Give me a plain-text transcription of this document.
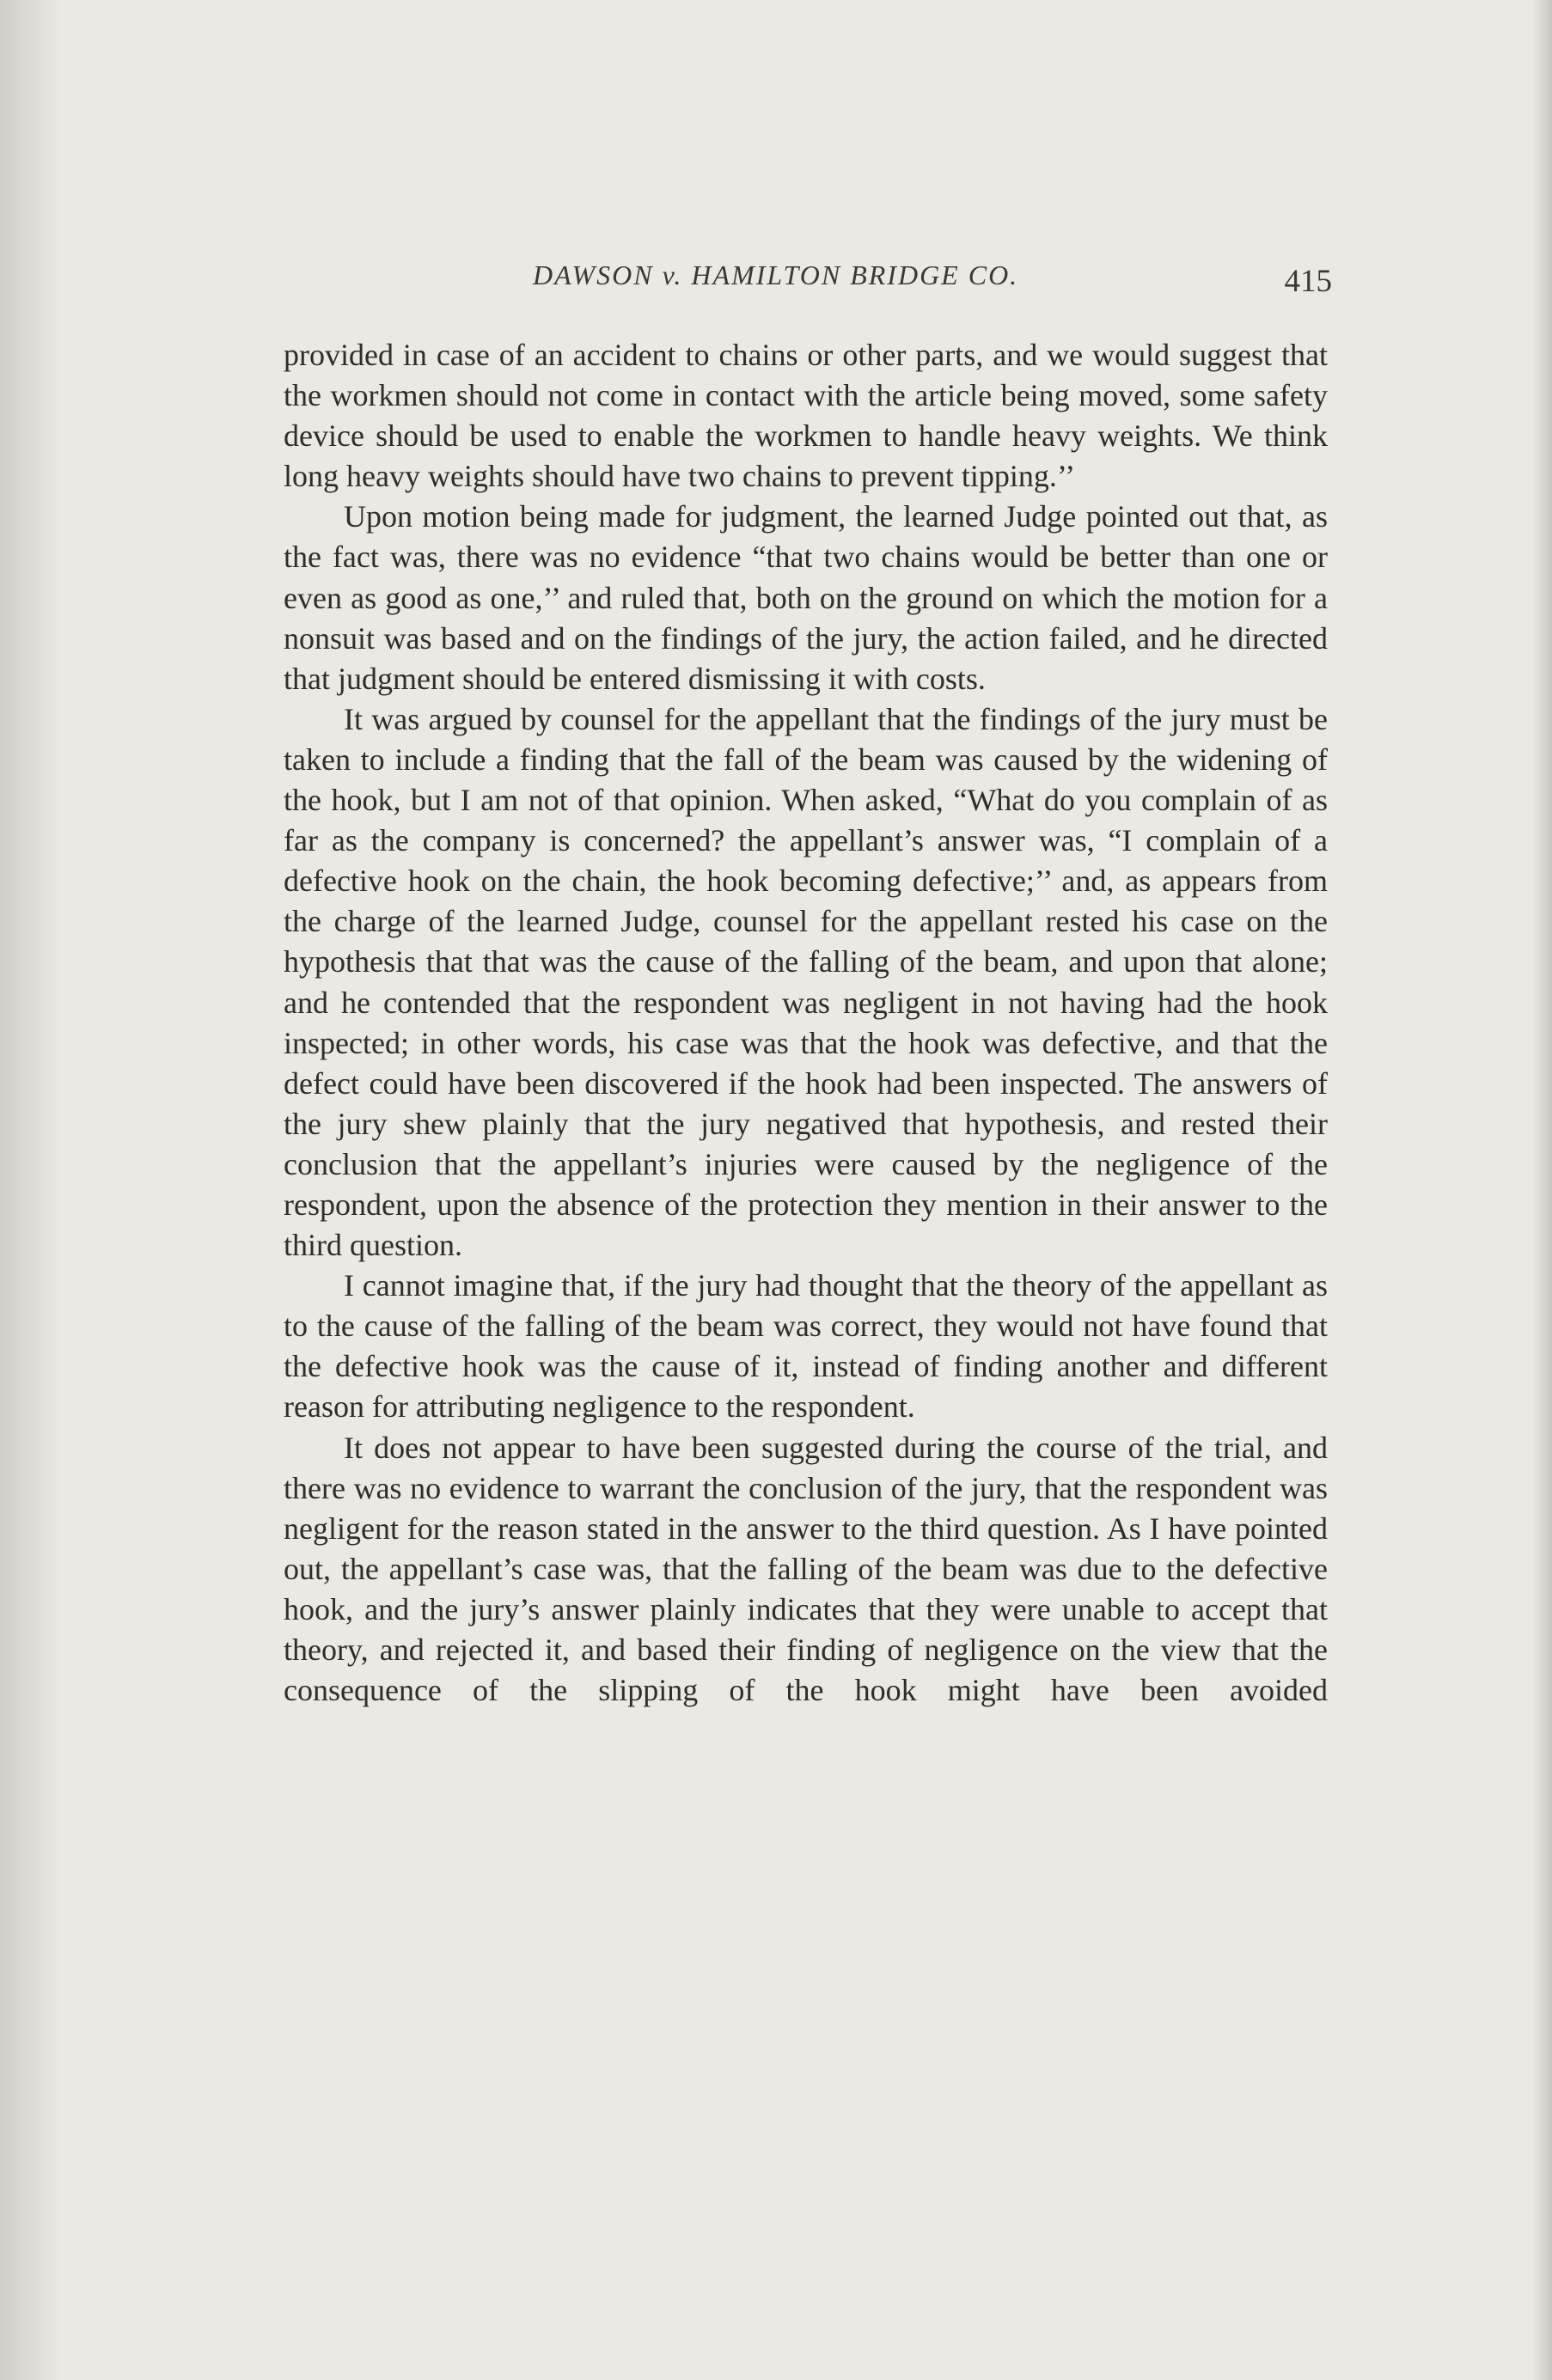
DAWSON v. HAMILTON BRIDGE CO.	415

provided in case of an accident to chains or other parts, and we would suggest that the workmen should not come in contact with the article being moved, some safety device should be used to enable the workmen to handle heavy weights. We think long heavy weights should have two chains to prevent tipping.’’

Upon motion being made for judgment, the learned Judge pointed out that, as the fact was, there was no evidence “that two chains would be better than one or even as good as one,’’ and ruled that, both on the ground on which the motion for a nonsuit was based and on the findings of the jury, the action failed, and he directed that judgment should be entered dismissing it with costs.

It was argued by counsel for the appellant that the findings of the jury must be taken to include a finding that the fall of the beam was caused by the widening of the hook, but I am not of that opinion. When asked, “What do you complain of as far as the company is concerned? the appellant’s answer was, “I complain of a defective hook on the chain, the hook becoming defective;’’ and, as appears from the charge of the learned Judge, counsel for the appellant rested his case on the hypothesis that that was the cause of the falling of the beam, and upon that alone; and he contended that the respondent was negligent in not having had the hook inspected; in other words, his case was that the hook was defective, and that the defect could have been discovered if the hook had been inspected. The answers of the jury shew plainly that the jury negatived that hypothesis, and rested their conclusion that the appellant’s injuries were caused by the negligence of the respondent, upon the absence of the protection they mention in their answer to the third question.

I cannot imagine that, if the jury had thought that the theory of the appellant as to the cause of the falling of the beam was correct, they would not have found that the defective hook was the cause of it, instead of finding another and different reason for attributing negligence to the respondent.

It does not appear to have been suggested during the course of the trial, and there was no evidence to warrant the conclusion of the jury, that the respondent was negligent for the reason stated in the answer to the third question. As I have pointed out, the appellant’s case was, that the falling of the beam was due to the defective hook, and the jury’s answer plainly indicates that they were unable to accept that theory, and rejected it, and based their finding of negligence on the view that the consequence of the slipping of the hook might have been avoided
